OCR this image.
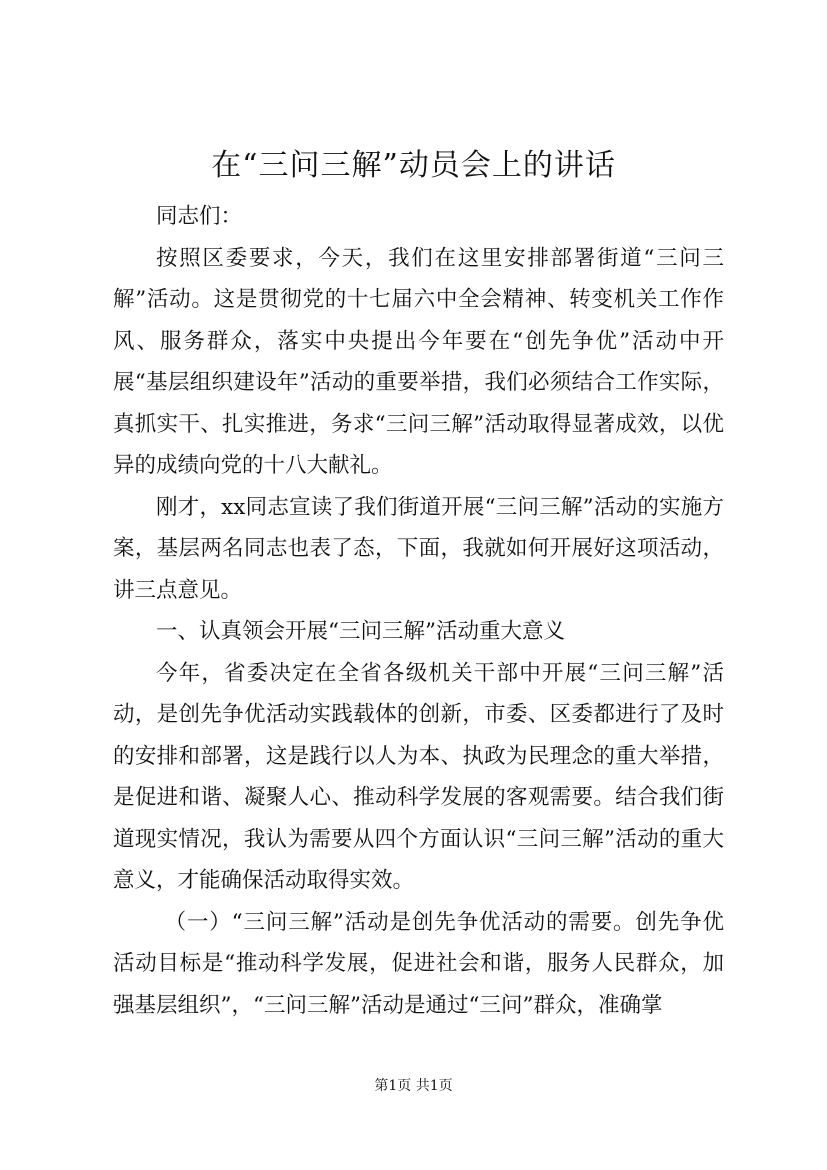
在“三问三解”动员会上的讲话

同志们：

按照区委要求，今天，我们在这里安排部署街道“三问三解”活动。这是贯彻党的十七届六中全会精神、转变机关工作作风、服务群众，落实中央提出今年要在“创先争优”活动中开展“基层组织建设年”活动的重要举措，我们必须结合工作实际，真抓实干、扎实推进，务求“三问三解”活动取得显著成效，以优异的成绩向党的十八大献礼。

刚才，xx同志宣读了我们街道开展“三问三解”活动的实施方案，基层两名同志也表了态，下面，我就如何开展好这项活动，讲三点意见。

一、认真领会开展“三问三解”活动重大意义

今年，省委决定在全省各级机关干部中开展“三问三解”活动，是创先争优活动实践载体的创新，市委、区委都进行了及时的安排和部署，这是践行以人为本、执政为民理念的重大举措，是促进和谐、凝聚人心、推动科学发展的客观需要。结合我们街道现实情况，我认为需要从四个方面认识“三问三解”活动的重大意义，才能确保活动取得实效。

（一）“三问三解”活动是创先争优活动的需要。创先争优活动目标是“推动科学发展，促进社会和谐，服务人民群众，加强基层组织”，“三问三解”活动是通过“三问”群众，准确掌

第1页 共1页
